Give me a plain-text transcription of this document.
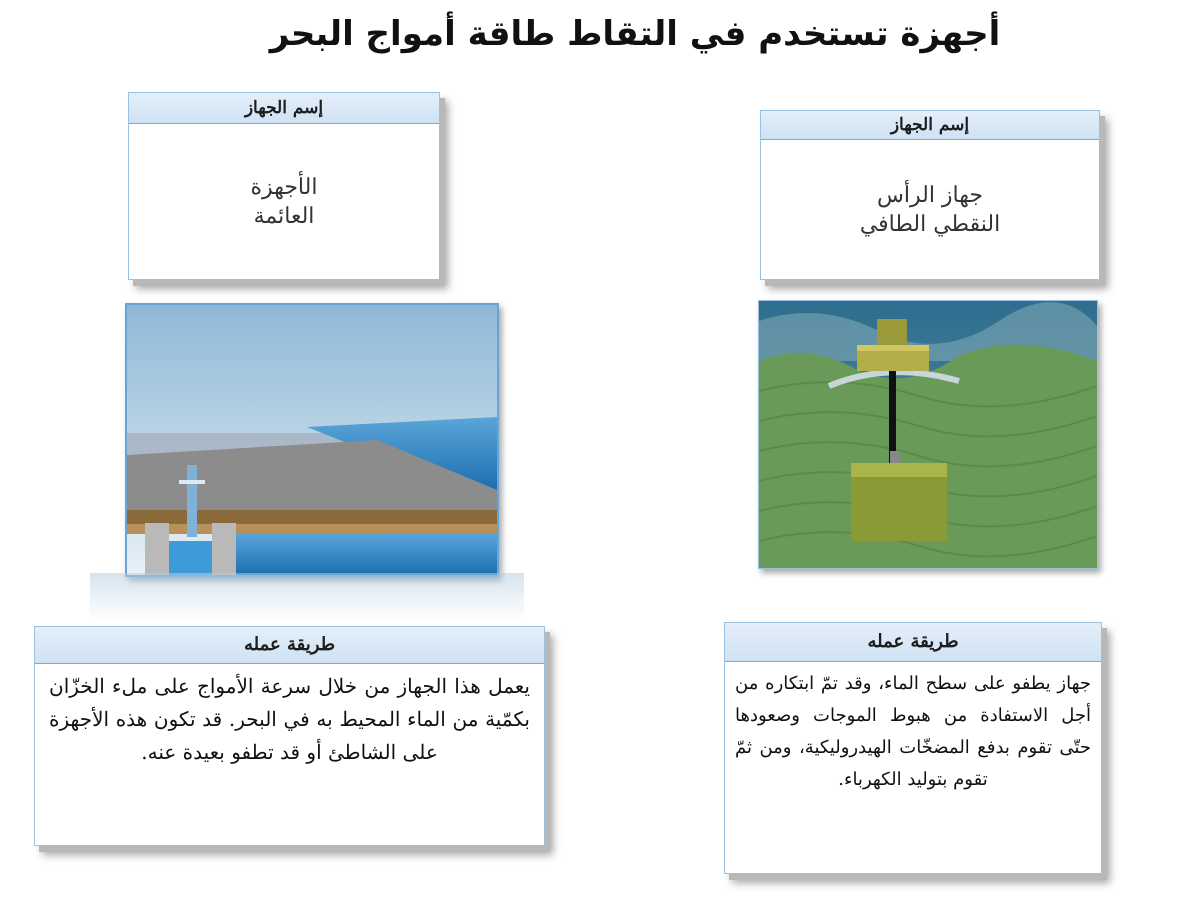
أجهزة تستخدم في التقاط طاقة أمواج البحر
إسم الجهاز
جهاز الرأس
النقطي الطافي
طريقة عمله
جهاز يطفو على سطح الماء، وقد تمّ ابتكاره من أجل الاستفادة من هبوط الموجات وصعودها حتّى تقوم بدفع المضخّات الهيدروليكية، ومن ثمّ تقوم بتوليد الكهرباء.
إسم الجهاز
الأجهزة
العائمة
طريقة عمله
يعمل هذا الجهاز من خلال سرعة الأمواج على ملء الخزّان بكمّية من الماء المحيط به في البحر. قد تكون هذه الأجهزة على الشاطئ أو قد تطفو بعيدة عنه.
